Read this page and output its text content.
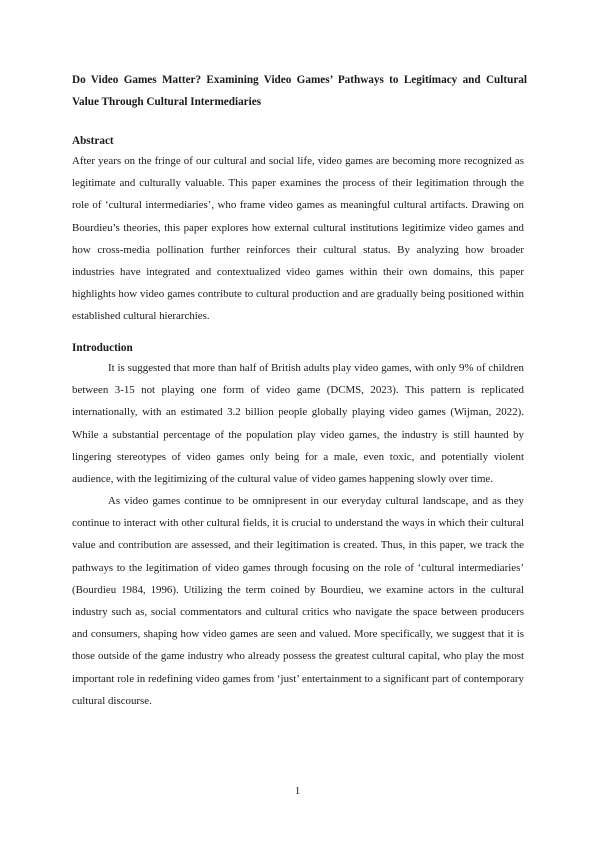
Do Video Games Matter? Examining Video Games’ Pathways to Legitimacy and Cultural Value Through Cultural Intermediaries
Abstract

After years on the fringe of our cultural and social life, video games are becoming more recognized as legitimate and culturally valuable. This paper examines the process of their legitimation through the role of ‘cultural intermediaries’, who frame video games as meaningful cultural artifacts. Drawing on Bourdieu’s theories, this paper explores how external cultural institutions legitimize video games and how cross-media pollination further reinforces their cultural status. By analyzing how broader industries have integrated and contextualized video games within their own domains, this paper highlights how video games contribute to cultural production and are gradually being positioned within established cultural hierarchies.

Introduction

It is suggested that more than half of British adults play video games, with only 9% of children between 3-15 not playing one form of video game (DCMS, 2023). This pattern is replicated internationally, with an estimated 3.2 billion people globally playing video games (Wijman, 2022). While a substantial percentage of the population play video games, the industry is still haunted by lingering stereotypes of video games only being for a male, even toxic, and potentially violent audience, with the legitimizing of the cultural value of video games happening slowly over time.

As video games continue to be omnipresent in our everyday cultural landscape, and as they continue to interact with other cultural fields, it is crucial to understand the ways in which their cultural value and contribution are assessed, and their legitimation is created. Thus, in this paper, we track the pathways to the legitimation of video games through focusing on the role of ‘cultural intermediaries’ (Bourdieu 1984, 1996). Utilizing the term coined by Bourdieu, we examine actors in the cultural industry such as, social commentators and cultural critics who navigate the space between producers and consumers, shaping how video games are seen and valued. More specifically, we suggest that it is those outside of the game industry who already possess the greatest cultural capital, who play the most important role in redefining video games from ‘just’ entertainment to a significant part of contemporary cultural discourse.

1
